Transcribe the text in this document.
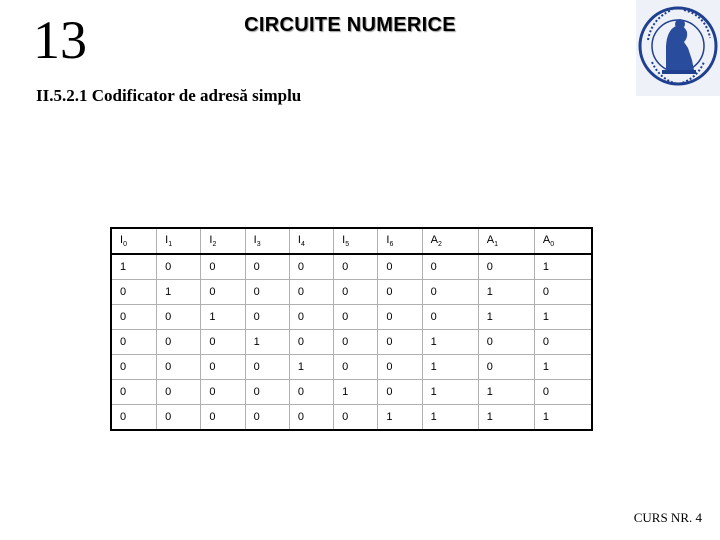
13	CIRCUITE NUMERICE
II.5.2.1 Codificator de adresă simplu
$I_0$	$I_1$	$I_2$	$I_3$	$I_4$	$I_5$	$I_6$	$A_2$	$A_1$	$A_0$
1	0	0	0	0	0	0	0	0	1
0	1	0	0	0	0	0	0	1	0
0	0	1	0	0	0	0	0	1	1
0	0	0	1	0	0	0	1	0	0
0	0	0	0	1	0	0	1	0	1
0	0	0	0	0	1	0	1	1	0
0	0	0	0	0	0	1	1	1	1
CURS NR. 4
